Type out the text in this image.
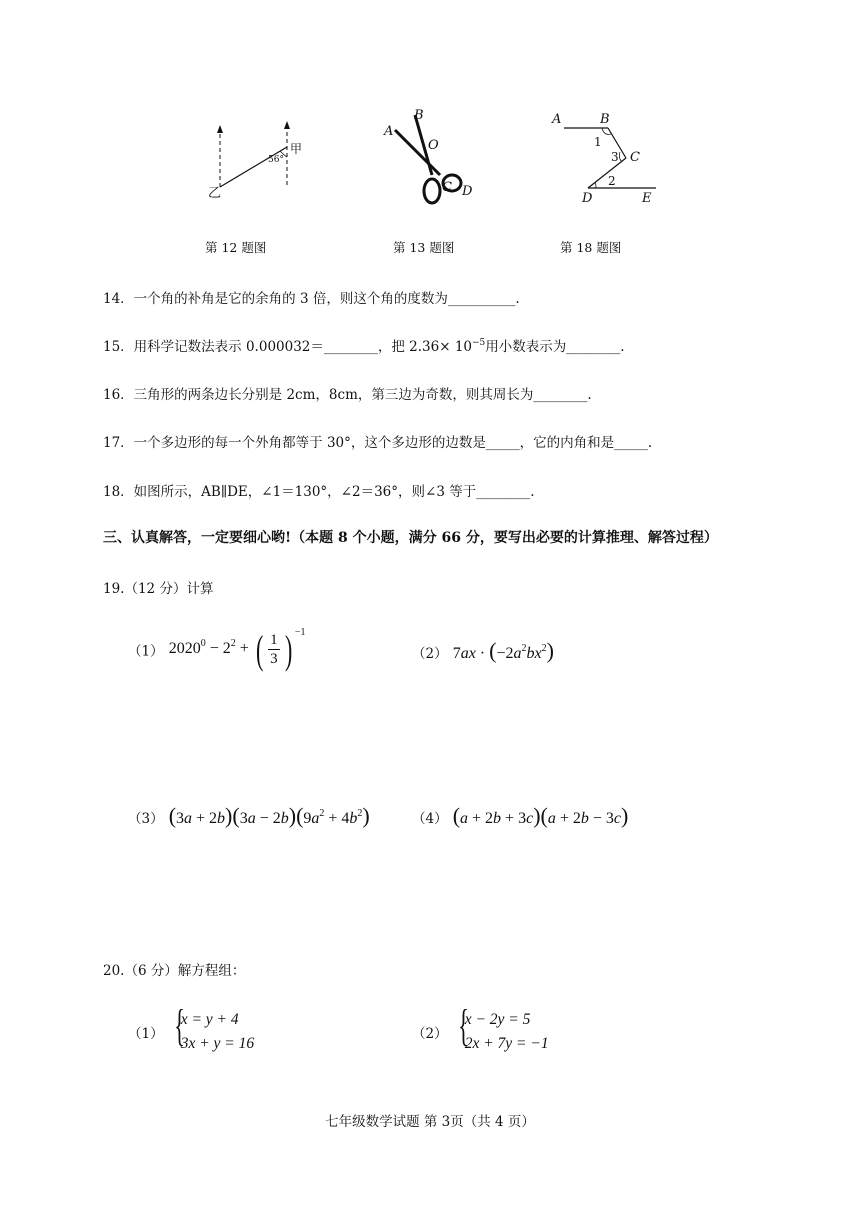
乙
甲
56°
第 12 题图
A
B
O
C D
第 13 题图
A	B
1
3 C
2
D	E
第 18 题图
14．一个角的补角是它的余角的 3 倍，则这个角的度数为__________.
15．用科学记数法表示 0.000032＝________，把 $2.36\times 10^{-5}$用小数表示为________.
16．三角形的两条边长分别是 2cm，8cm，第三边为奇数，则其周长为________.
17．一个多边形的每一个外角都等于 30°，这个多边形的边数是_____，它的内角和是_____.
18．如图所示，AB∥DE，∠1＝130°，∠2＝36°，则∠3 等于________.
三、认真解答，一定要细心哟!（本题 8 个小题，满分 66 分，要写出必要的计算推理、解答过程）
19.（12 分）计算
（1） $2020^0 - 2^2$ + ( $\frac{1}{3}$ ) $^{-1}$
（2） $7ax \cdot (-2a^2bx^2)$
（3） $(3a + 2b)(3a - 2b)(9a^2 + 4b^2)$	（4） (a + 2b + 3c)(a + 2b − 3c)
20.（6 分）解方程组：
（1） {
x = y + 4
3x + y = 16
（2） {
x − 2y = 5
2x + 7y = −1
七年级数学试题 第 3页（共 4 页）
